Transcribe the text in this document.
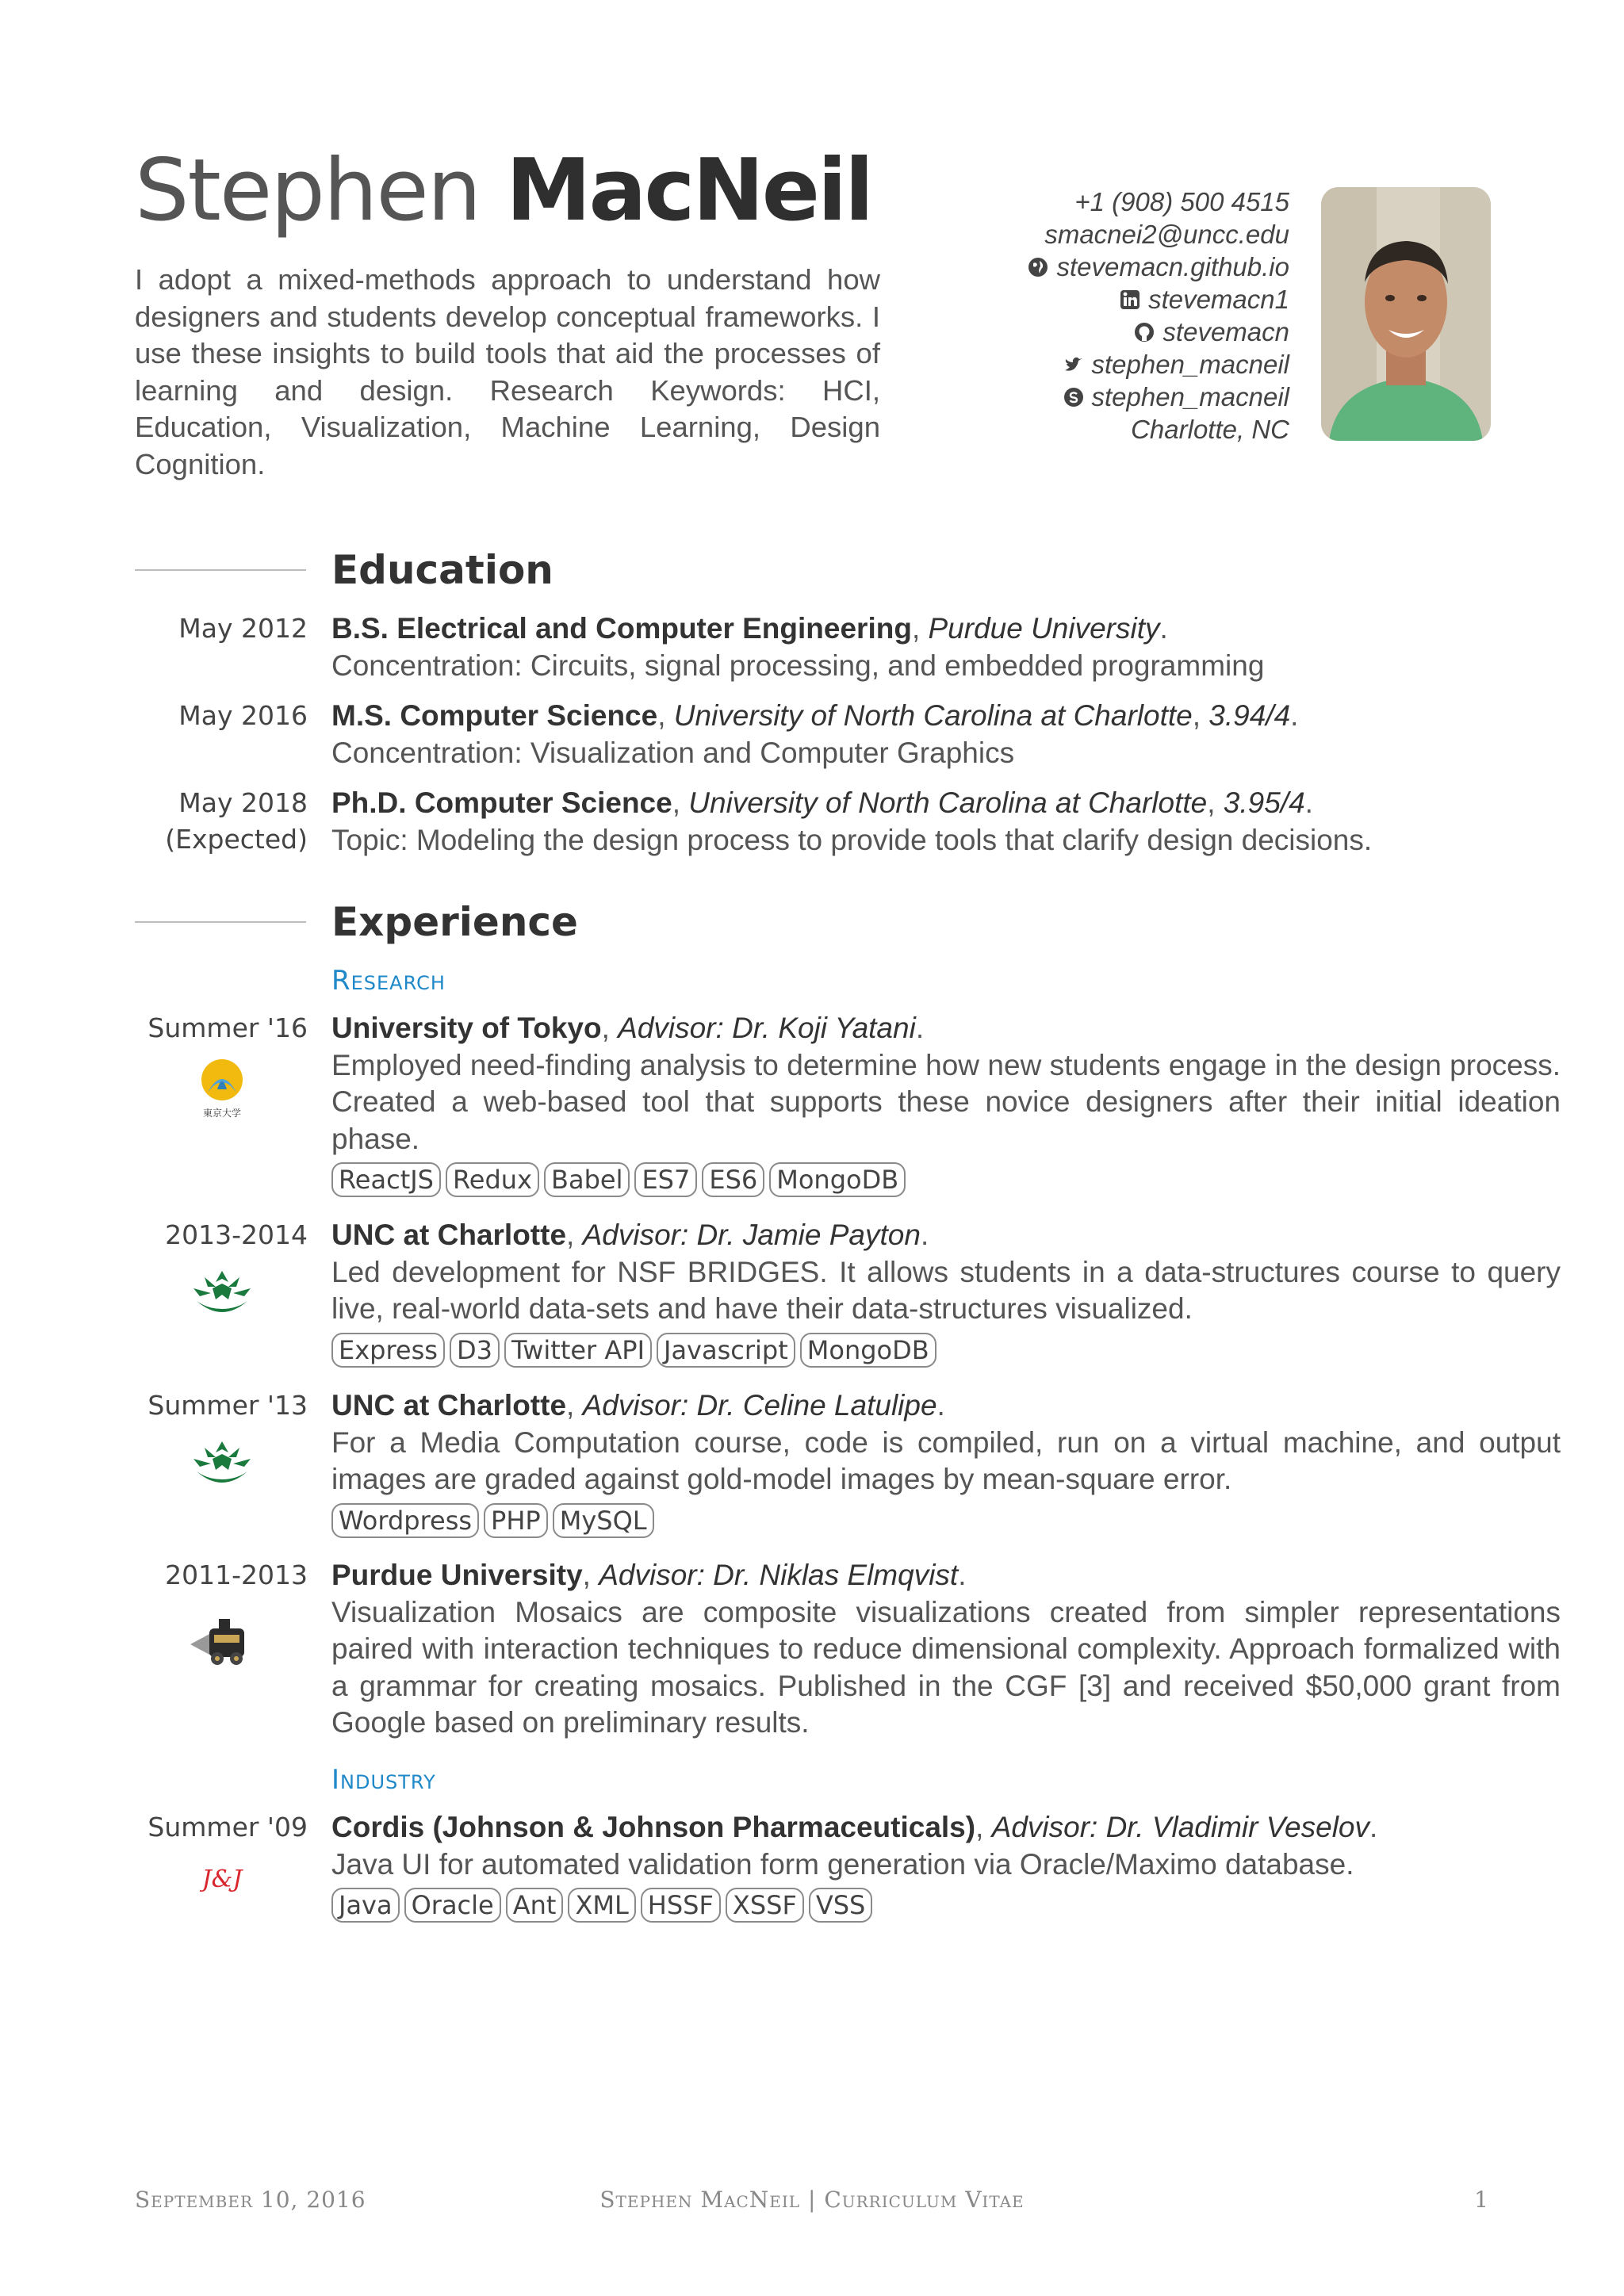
Stephen MacNeil
I adopt a mixed-methods approach to understand how designers and students develop conceptual frameworks. I use these insights to build tools that aid the processes of learning and design. Research Keywords: HCI, Education, Visualization, Machine Learning, Design Cognition.
+1 (908) 500 4515
smacnei2@uncc.edu
stevemacn.github.io
stevemacn1
stevemacn
stephen_macneil
stephen_macneil
Charlotte, NC
Education
May 2012 B.S. Electrical and Computer Engineering, Purdue University.
Concentration: Circuits, signal processing, and embedded programming
May 2016 M.S. Computer Science, University of North Carolina at Charlotte, 3.94/4.
Concentration: Visualization and Computer Graphics
May 2018
(Expected)
Ph.D. Computer Science, University of North Carolina at Charlotte, 3.95/4.
Topic: Modeling the design process to provide tools that clarify design decisions.
Experience
Research
Summer '16
東京大学
University of Tokyo, Advisor: Dr. Koji Yatani.
Employed need-finding analysis to determine how new students engage in the design process. Created a web-based tool that supports these novice designers after their initial ideation phase.
ReactJS Redux Babel ES7 ES6 MongoDB
2013-2014 UNC at Charlotte, Advisor: Dr. Jamie Payton.
Led development for NSF BRIDGES. It allows students in a data-structures course to query live, real-world data-sets and have their data-structures visualized.
Express D3 Twitter API Javascript MongoDB
Summer '13 UNC at Charlotte, Advisor: Dr. Celine Latulipe.
For a Media Computation course, code is compiled, run on a virtual machine, and output images are graded against gold-model images by mean-square error.
Wordpress PHP MySQL
2011-2013 Purdue University, Advisor: Dr. Niklas Elmqvist.
Visualization Mosaics are composite visualizations created from simpler representations paired with interaction techniques to reduce dimensional complexity. Approach formalized with a grammar for creating mosaics. Published in the CGF [3] and received $50,000 grant from Google based on preliminary results.
Industry
Summer '09
J&J
Cordis (Johnson & Johnson Pharmaceuticals), Advisor: Dr. Vladimir Veselov.
Java UI for automated validation form generation via Oracle/Maximo database.
Java Oracle Ant XML HSSF XSSF VSS
September 10, 2016	Stephen MacNeil | Curriculum Vitae	1
